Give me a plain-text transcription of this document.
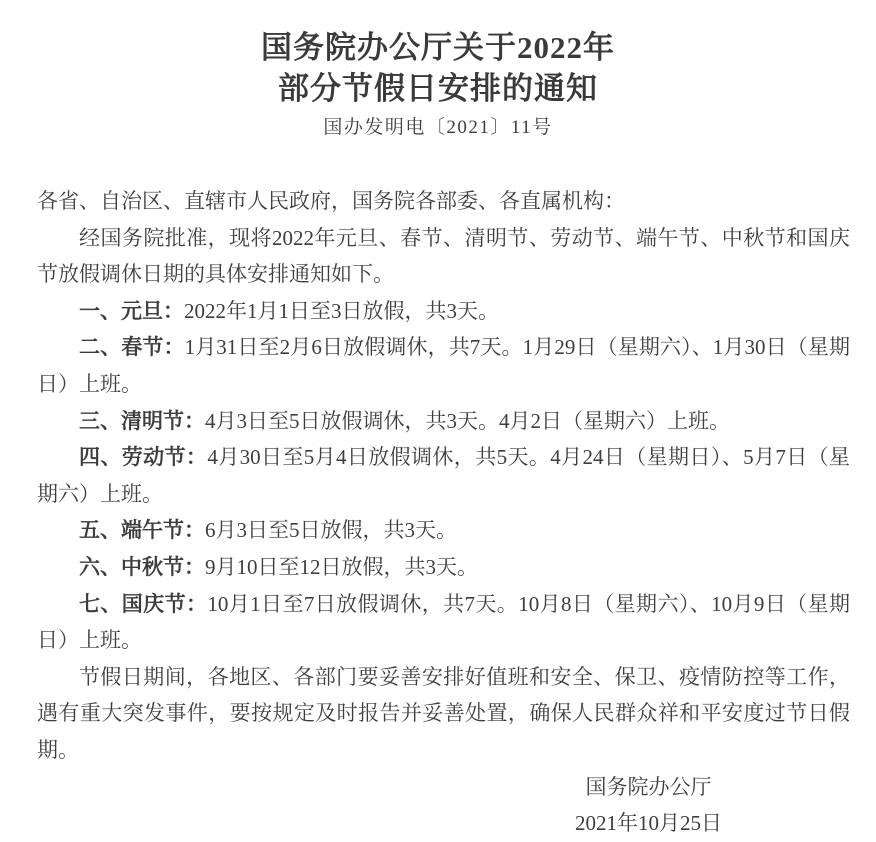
国务院办公厅关于2022年
部分节假日安排的通知
国办发明电〔2021〕11号

各省、自治区、直辖市人民政府，国务院各部委、各直属机构：

经国务院批准，现将2022年元旦、春节、清明节、劳动节、端午节、中秋节和国庆节放假调休日期的具体安排通知如下。

一、元旦：2022年1月1日至3日放假，共3天。

二、春节：1月31日至2月6日放假调休，共7天。1月29日（星期六）、1月30日（星期日）上班。

三、清明节：4月3日至5日放假调休，共3天。4月2日（星期六）上班。

四、劳动节：4月30日至5月4日放假调休，共5天。4月24日（星期日）、5月7日（星期六）上班。

五、端午节：6月3日至5日放假，共3天。

六、中秋节：9月10日至12日放假，共3天。

七、国庆节：10月1日至7日放假调休，共7天。10月8日（星期六）、10月9日（星期日）上班。

节假日期间，各地区、各部门要妥善安排好值班和安全、保卫、疫情防控等工作，遇有重大突发事件，要按规定及时报告并妥善处置，确保人民群众祥和平安度过节日假期。

国务院办公厅

2021年10月25日
